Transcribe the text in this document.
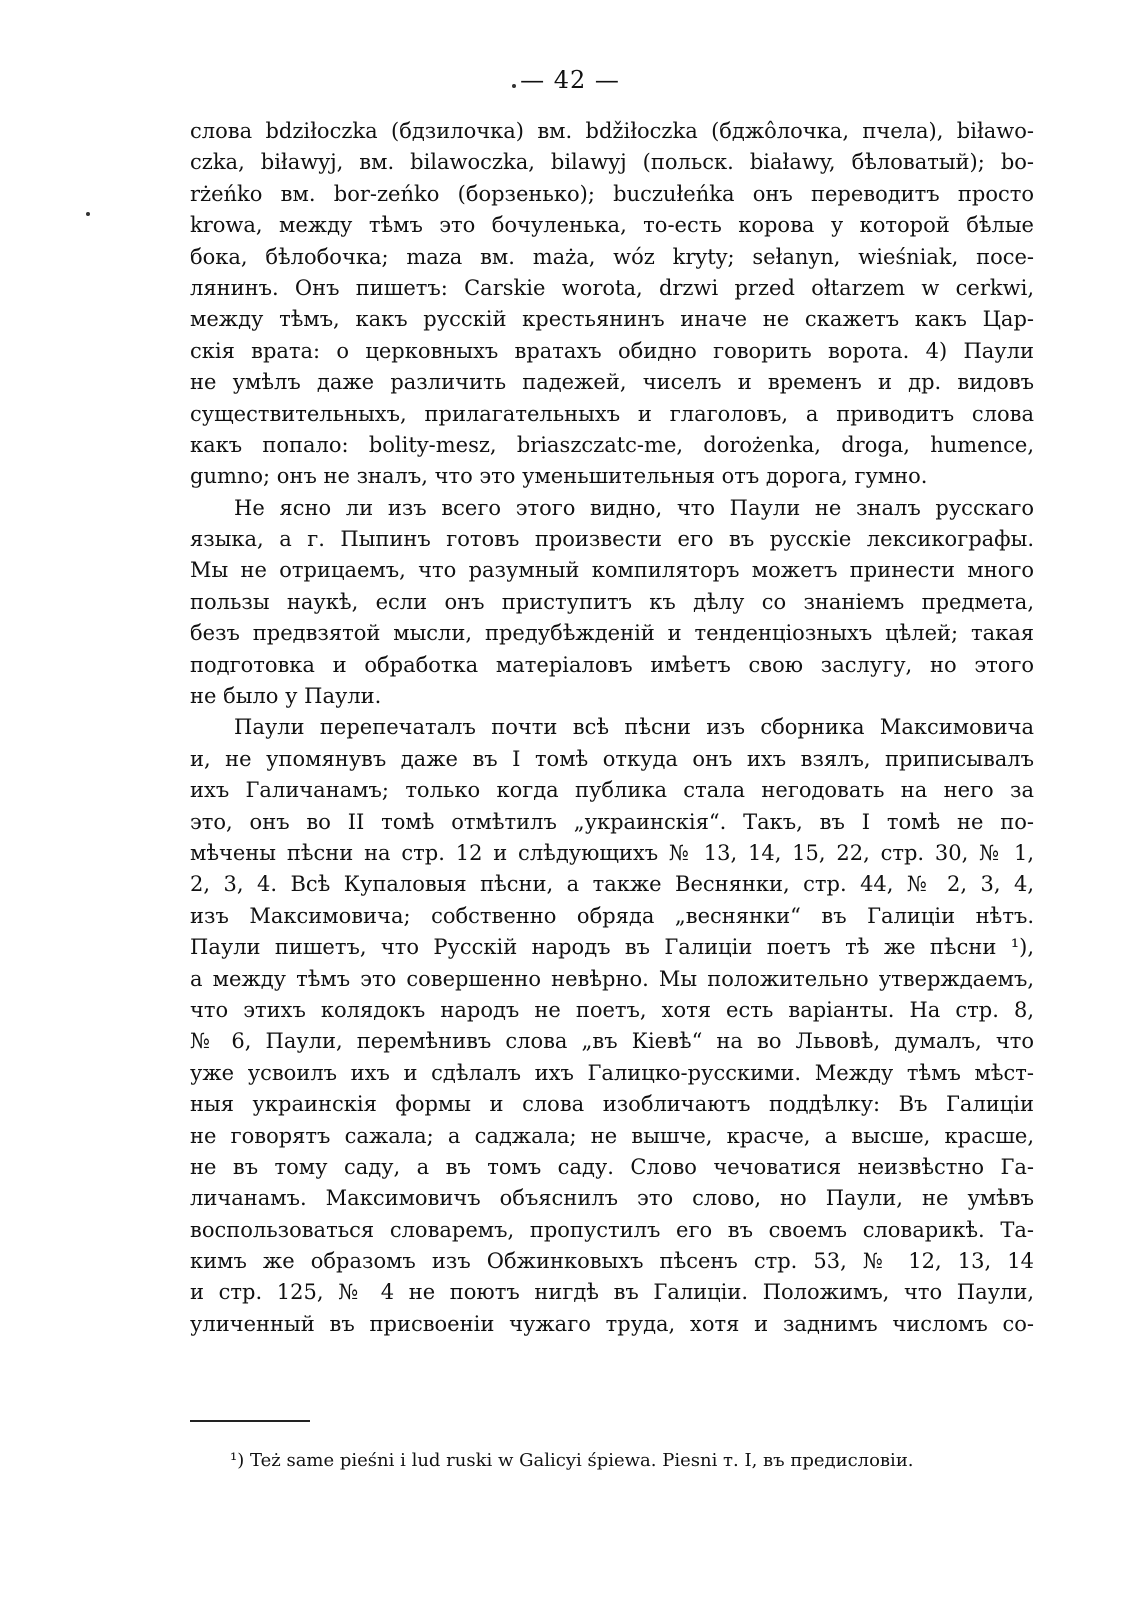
— 42 —
слова bdziłoczka (бдзилочка) вм. bdžiłoczka (бджôлочка, пчела), biławo-
czka, biławyj, вм. bilawoczka, bilawyj (польск. białawy, бѣловатый); bo-
rżeńko вм. bor-zeńko (борзенько); buczułeńka онъ переводитъ просто
krowa, между тѣмъ это бочуленька, то-есть корова у которой бѣлые
бока, бѣлобочка; maza вм. maża, wóz kryty; sełanyn, wieśniak, посе-
лянинъ. Онъ пишетъ: Carskie worota, drzwi przed ołtarzem w cerkwi,
между тѣмъ, какъ русскій крестьянинъ иначе не скажетъ какъ Цар-
скія врата: о церковныхъ вратахъ обидно говорить ворота. 4) Паули
не умѣлъ даже различить падежей, чиселъ и временъ и др. видовъ
существительныхъ, прилагательныхъ и глаголовъ, а приводитъ слова
какъ попало: bolity-mesz, briaszczatc-me, dorożenka, droga, humence,
gumno; онъ не зналъ, что это уменьшительныя отъ дорога, гумно.
Не ясно ли изъ всего этого видно, что Паули не зналъ русскаго
языка, а г. Пыпинъ готовъ произвести его въ русскіе лексикографы.
Мы не отрицаемъ, что разумный компиляторъ можетъ принести много
пользы наукѣ, если онъ приступитъ къ дѣлу со знаніемъ предмета,
безъ предвзятой мысли, предубѣжденій и тенденціозныхъ цѣлей; такая
подготовка и обработка матеріаловъ имѣетъ свою заслугу, но этого
не было у Паули.
Паули перепечаталъ почти всѣ пѣсни изъ сборника Максимовича
и, не упомянувъ даже въ I томѣ откуда онъ ихъ взялъ, приписывалъ
ихъ Галичанамъ; только когда публика стала негодовать на него за
это, онъ во II томѣ отмѣтилъ „украинскія“. Такъ, въ I томѣ не по-
мѣчены пѣсни на стр. 12 и слѣдующихъ № 13, 14, 15, 22, стр. 30, № 1,
2, 3, 4. Всѣ Купаловыя пѣсни, а также Веснянки, стр. 44, № 2, 3, 4,
изъ Максимовича; собственно обряда „веснянки“ въ Галиціи нѣтъ.
Паули пишетъ, что Русскій народъ въ Галиціи поетъ тѣ же пѣсни ¹),
а между тѣмъ это совершенно невѣрно. Мы положительно утверждаемъ,
что этихъ колядокъ народъ не поетъ, хотя есть варіанты. На стр. 8,
№ 6, Паули, перемѣнивъ слова „въ Кіевѣ“ на во Львовѣ, думалъ, что
уже усвоилъ ихъ и сдѣлалъ ихъ Галицко-русскими. Между тѣмъ мѣст-
ныя украинскія формы и слова изобличаютъ поддѣлку: Въ Галиціи
не говорятъ сажала; а саджала; не вышче, красче, а высше, красше,
не въ тому саду, а въ томъ саду. Слово чечоватися неизвѣстно Га-
личанамъ. Максимовичъ объяснилъ это слово, но Паули, не умѣвъ
воспользоваться словаремъ, пропустилъ его въ своемъ словарикѣ. Та-
кимъ же образомъ изъ Обжинковыхъ пѣсенъ стр. 53, № 12, 13, 14
и стр. 125, № 4 не поютъ нигдѣ въ Галиціи. Положимъ, что Паули,
уличенный въ присвоеніи чужаго труда, хотя и заднимъ числомъ со-
¹) Też same pieśni i lud ruski w Galicyi śpiewa. Piesni т. I, въ предисловіи.
